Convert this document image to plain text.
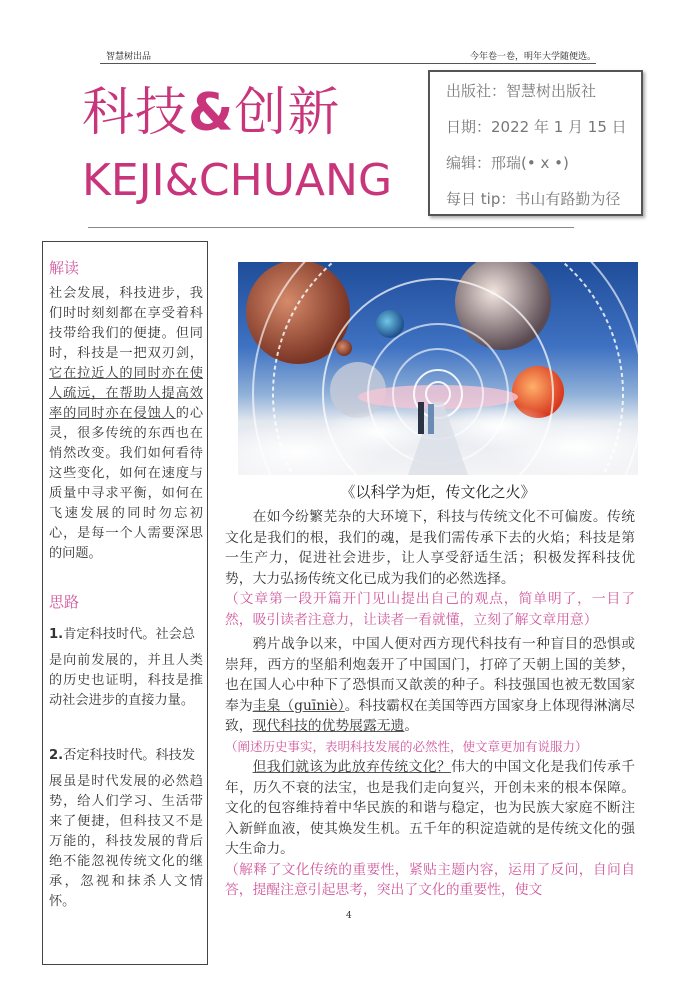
智慧树出品	今年卷一卷，明年大学随便选。
科技&创新
KEJI&CHUANG
出版社：智慧树出版社
日期：2022 年 1 月 15 日
编辑：邢瑞(• x •)
每日 tip：书山有路勤为径
解读
社会发展，科技进步，我们时时刻刻都在享受着科技带给我们的便捷。但同时，科技是一把双刃剑，它在拉近人的同时亦在使人疏远，在帮助人提高效率的同时亦在侵蚀人的心灵，很多传统的东西也在悄然改变。我们如何看待这些变化，如何在速度与质量中寻求平衡，如何在飞速发展的同时勿忘初心，是每一个人需要深思的问题。
思路
1.肯定科技时代。社会总
是向前发展的，并且人类的历史也证明，科技是推动社会进步的直接力量。
2.否定科技时代。科技发
展虽是时代发展的必然趋势，给人们学习、生活带来了便捷，但科技又不是万能的，科技发展的背后绝不能忽视传统文化的继承，忽视和抹杀人文情怀。
《以科学为炬，传文化之火》
在如今纷繁芜杂的大环境下，科技与传统文化不可偏废。传统文化是我们的根，我们的魂，是我们需传承下去的火焰；科技是第一生产力，促进社会进步，让人享受舒适生活；积极发挥科技优势，大力弘扬传统文化已成为我们的必然选择。
（文章第一段开篇开门见山提出自己的观点，简单明了，一目了然，吸引读者注意力，让读者一看就懂，立刻了解文章用意）
鸦片战争以来，中国人便对西方现代科技有一种盲目的恐惧或崇拜，西方的坚船利炮轰开了中国国门，打碎了天朝上国的美梦，也在国人心中种下了恐惧而又歆羡的种子。科技强国也被无数国家奉为圭臬（guīniè）。科技霸权在美国等西方国家身上体现得淋漓尽致，现代科技的优势展露无遗。
（阐述历史事实，表明科技发展的必然性，使文章更加有说服力）
但我们就该为此放弃传统文化？伟大的中国文化是我们传承千年，历久不衰的法宝，也是我们走向复兴，开创未来的根本保障。文化的包容维持着中华民族的和谐与稳定，也为民族大家庭不断注入新鲜血液，使其焕发生机。五千年的积淀造就的是传统文化的强大生命力。
（解释了文化传统的重要性，紧贴主题内容，运用了反问，自问自答，提醒注意引起思考，突出了文化的重要性，使文
4
